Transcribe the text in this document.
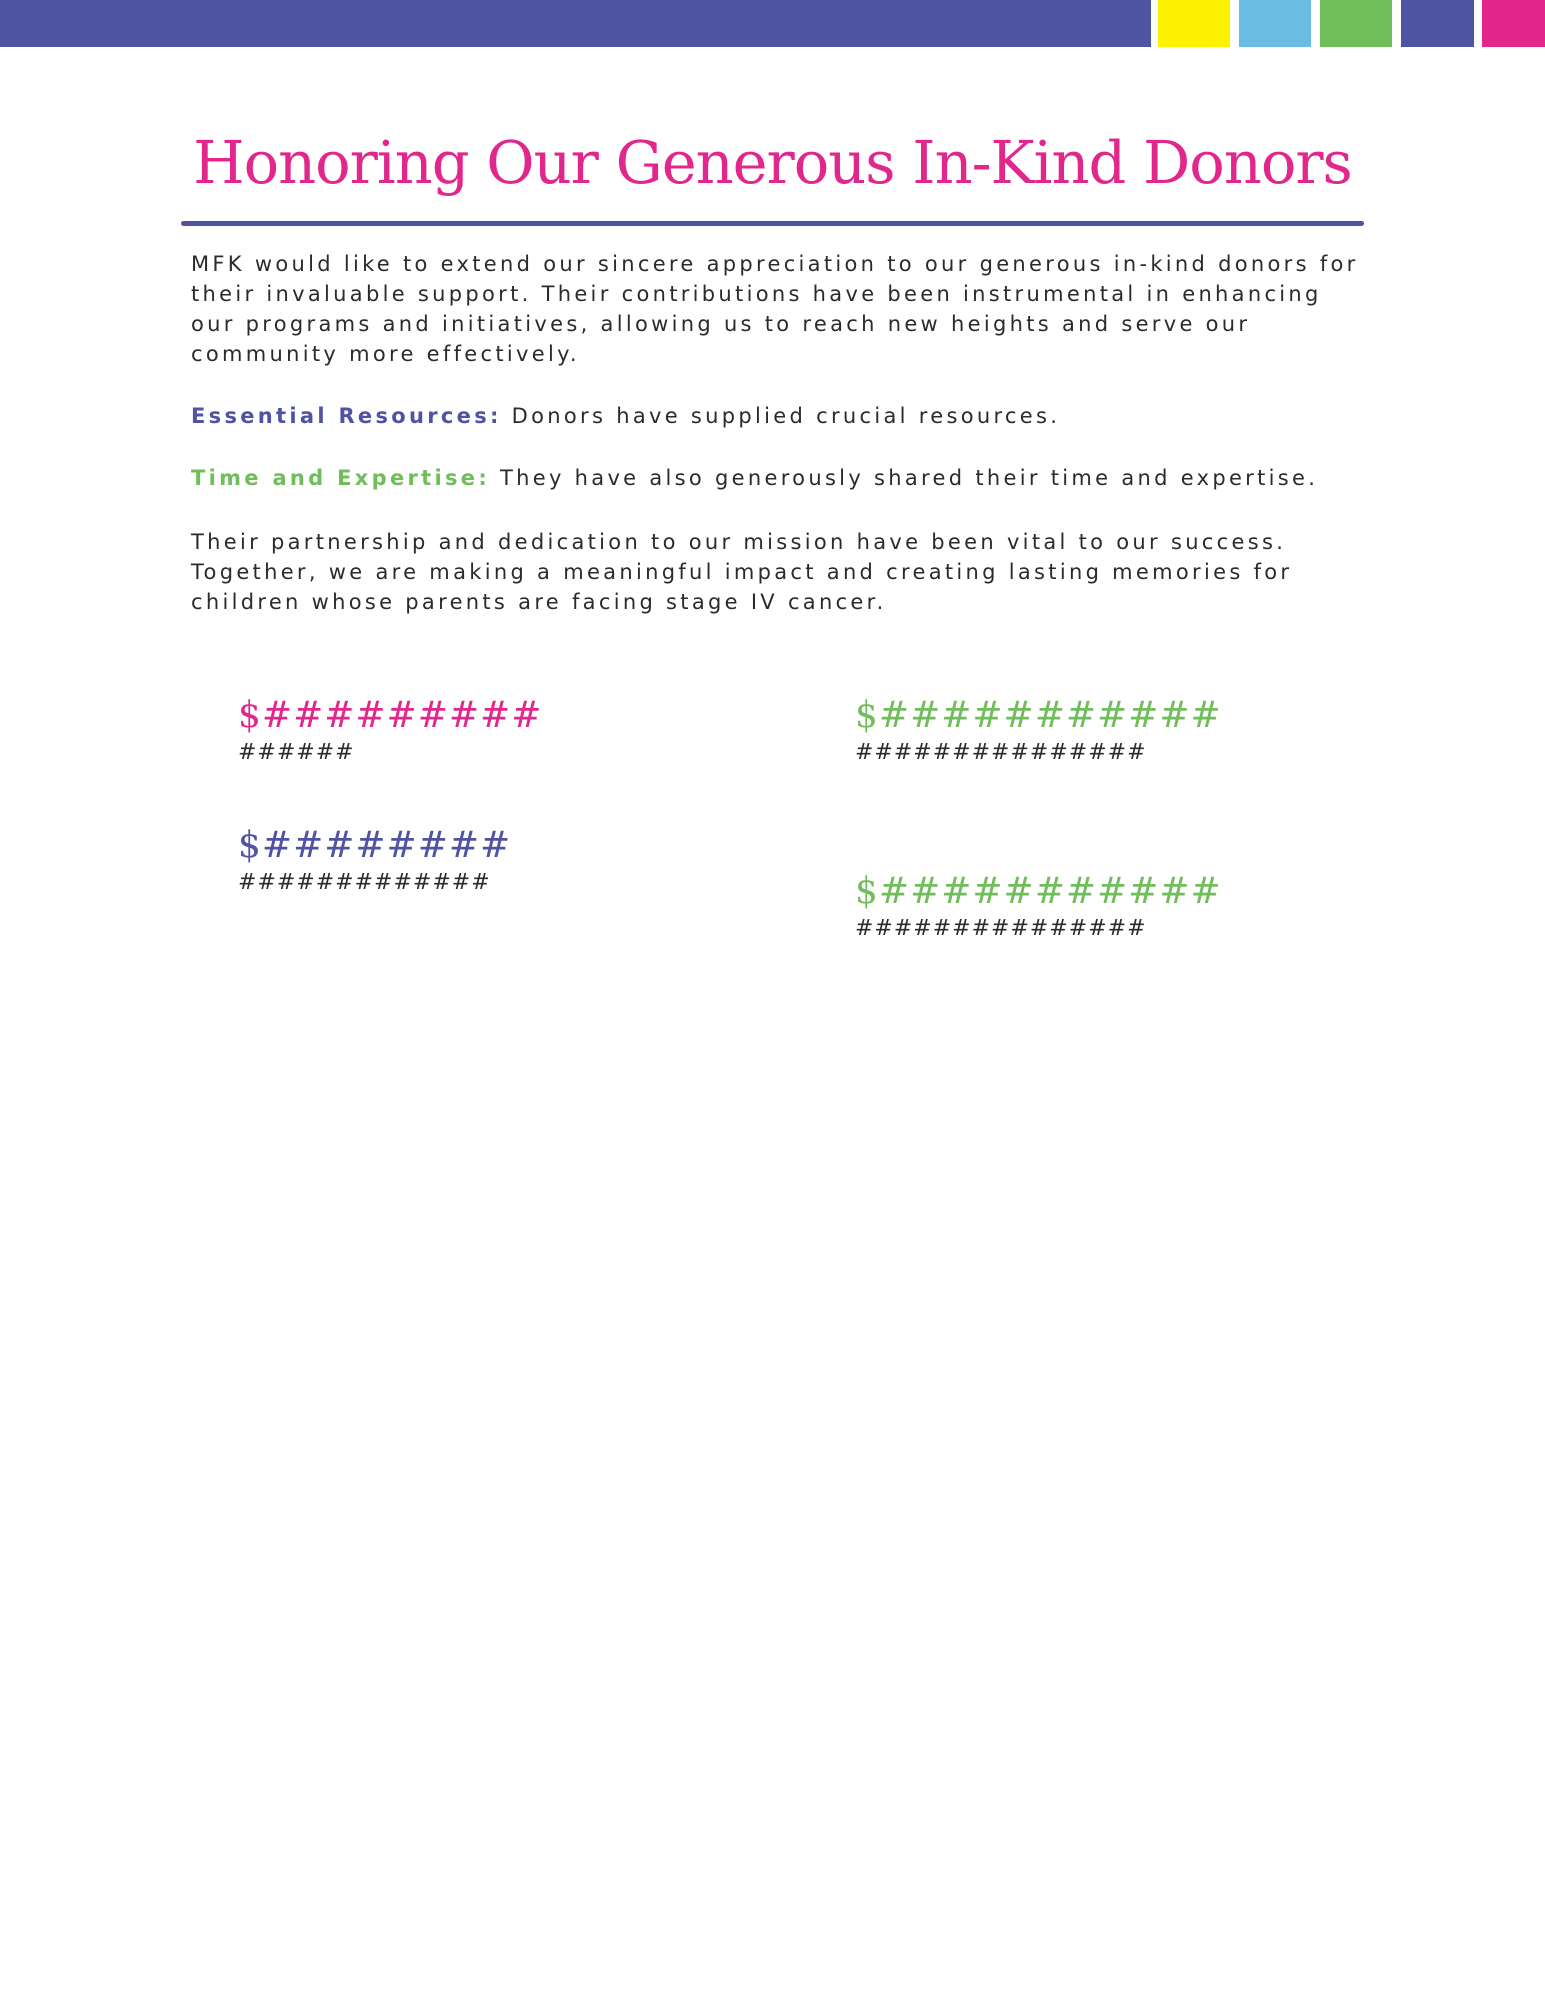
Honoring Our Generous In-Kind Donors

MFK would like to extend our sincere appreciation to our generous in-kind donors for their invaluable support. Their contributions have been instrumental in enhancing our programs and initiatives, allowing us to reach new heights and serve our community more effectively.

Essential Resources: Donors have supplied crucial resources.

Time and Expertise: They have also generously shared their time and expertise.

Their partnership and dedication to our mission have been vital to our success. Together, we are making a meaningful impact and creating lasting memories for children whose parents are facing stage IV cancer.

$#########
######
$###########
###############
$########
#############	$###########
###############
